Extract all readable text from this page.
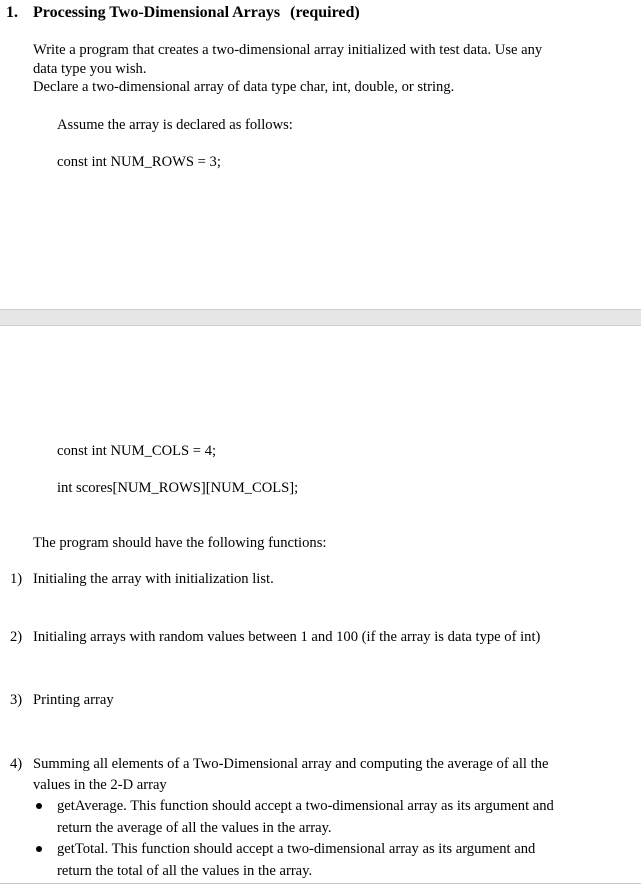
1. Processing Two-Dimensional Arrays (required)
Write a program that creates a two-dimensional array initialized with test data. Use any
data type you wish.
Declare a two-dimensional array of data type char, int, double, or string.
Assume the array is declared as follows:
const int NUM_ROWS = 3;
const int NUM_COLS = 4;
int scores[NUM_ROWS][NUM_COLS];
The program should have the following functions:
1) Initialing the array with initialization list.
2) Initialing arrays with random values between 1 and 100 (if the array is data type of int)
3) Printing array
4) Summing all elements of a Two-Dimensional array and computing the average of all the
values in the 2-D array
getAverage. This function should accept a two-dimensional array as its argument and
return the average of all the values in the array.
getTotal. This function should accept a two-dimensional array as its argument and
return the total of all the values in the array.
